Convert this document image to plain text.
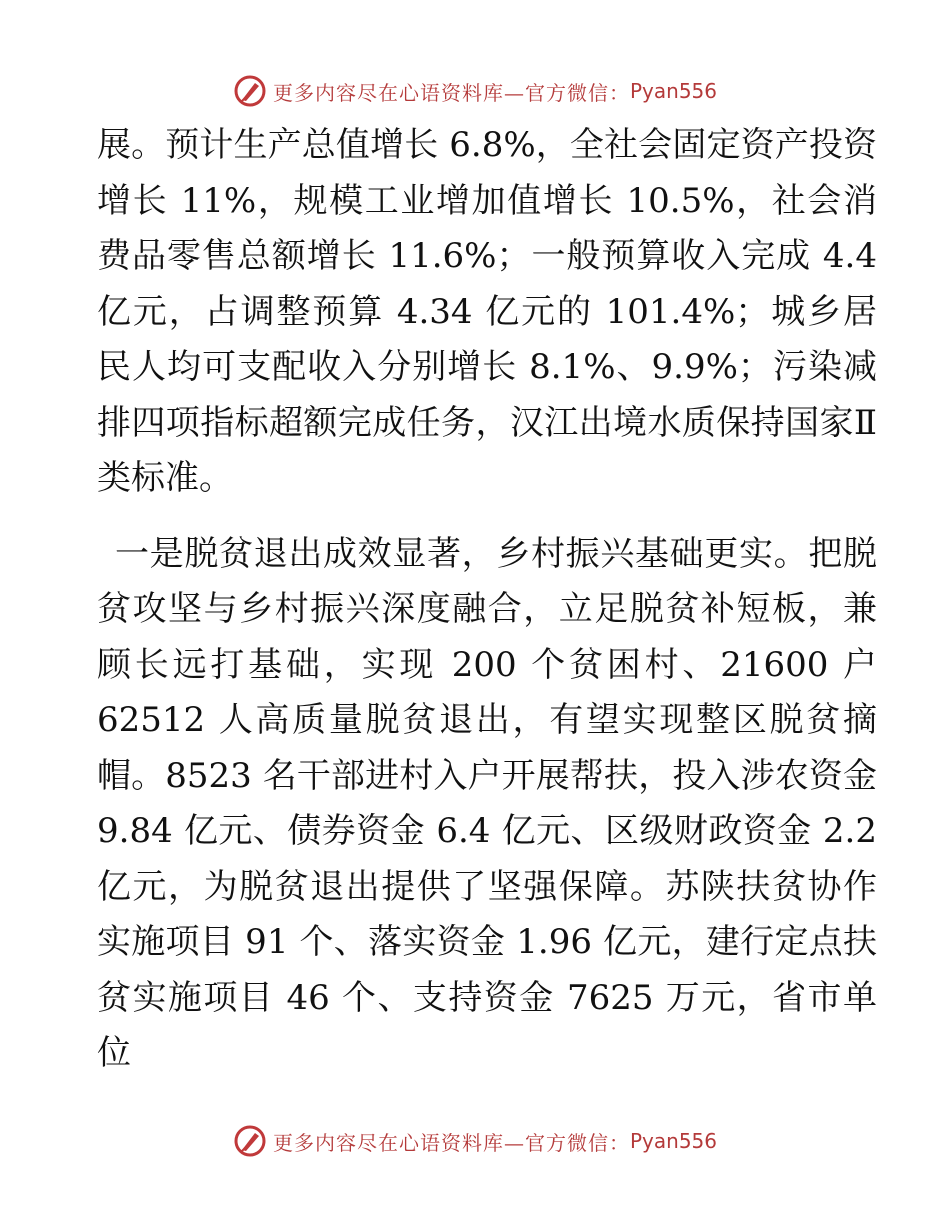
更多内容尽在心语资料库—官方微信： Pyan556

展。预计生产总值增长 6.8%，全社会固定资产投资增长 11%，规模工业增加值增长 10.5%，社会消费品零售总额增长 11.6%；一般预算收入完成 4.4 亿元，占调整预算 4.34 亿元的 101.4%；城乡居民人均可支配收入分别增长 8.1%、9.9%；污染减排四项指标超额完成任务，汉江出境水质保持国家Ⅱ类标准。

一是脱贫退出成效显著，乡村振兴基础更实。把脱贫攻坚与乡村振兴深度融合，立足脱贫补短板，兼顾长远打基础，实现 200 个贫困村、21600 户 62512 人高质量脱贫退出，有望实现整区脱贫摘帽。8523 名干部进村入户开展帮扶，投入涉农资金 9.84 亿元、债券资金 6.4 亿元、区级财政资金 2.2 亿元，为脱贫退出提供了坚强保障。苏陕扶贫协作实施项目 91 个、落实资金 1.96 亿元，建行定点扶贫实施项目 46 个、支持资金 7625 万元，省市单位

更多内容尽在心语资料库—官方微信： Pyan556
